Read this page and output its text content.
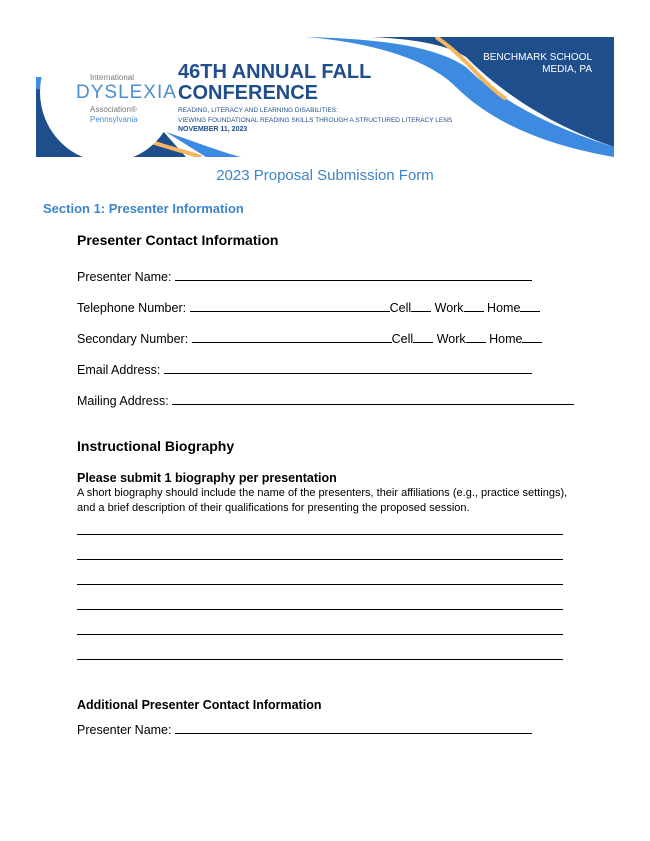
International
DYSLEXIA
Association®
Pennsylvania
46TH ANNUAL FALL
CONFERENCE
READING, LITERACY AND LEARNING DISABILITIES:
VIEWING FOUNDATIONAL READING SKILLS THROUGH A STRUCTURED LITERACY LENS
NOVEMBER 11, 2023
BENCHMARK SCHOOL
MEDIA, PA
2023 Proposal Submission Form
Section 1: Presenter Information
Presenter Contact Information
Presenter Name:
Telephone Number:	Cell Work Home
Secondary Number:	Cell Work Home
Email Address:
Mailing Address:
Instructional Biography
Please submit 1 biography per presentation
A short biography should include the name of the presenters, their affiliations (e.g., practice settings), and a brief description of their qualifications for presenting the proposed session.
Additional Presenter Contact Information
Presenter Name:
